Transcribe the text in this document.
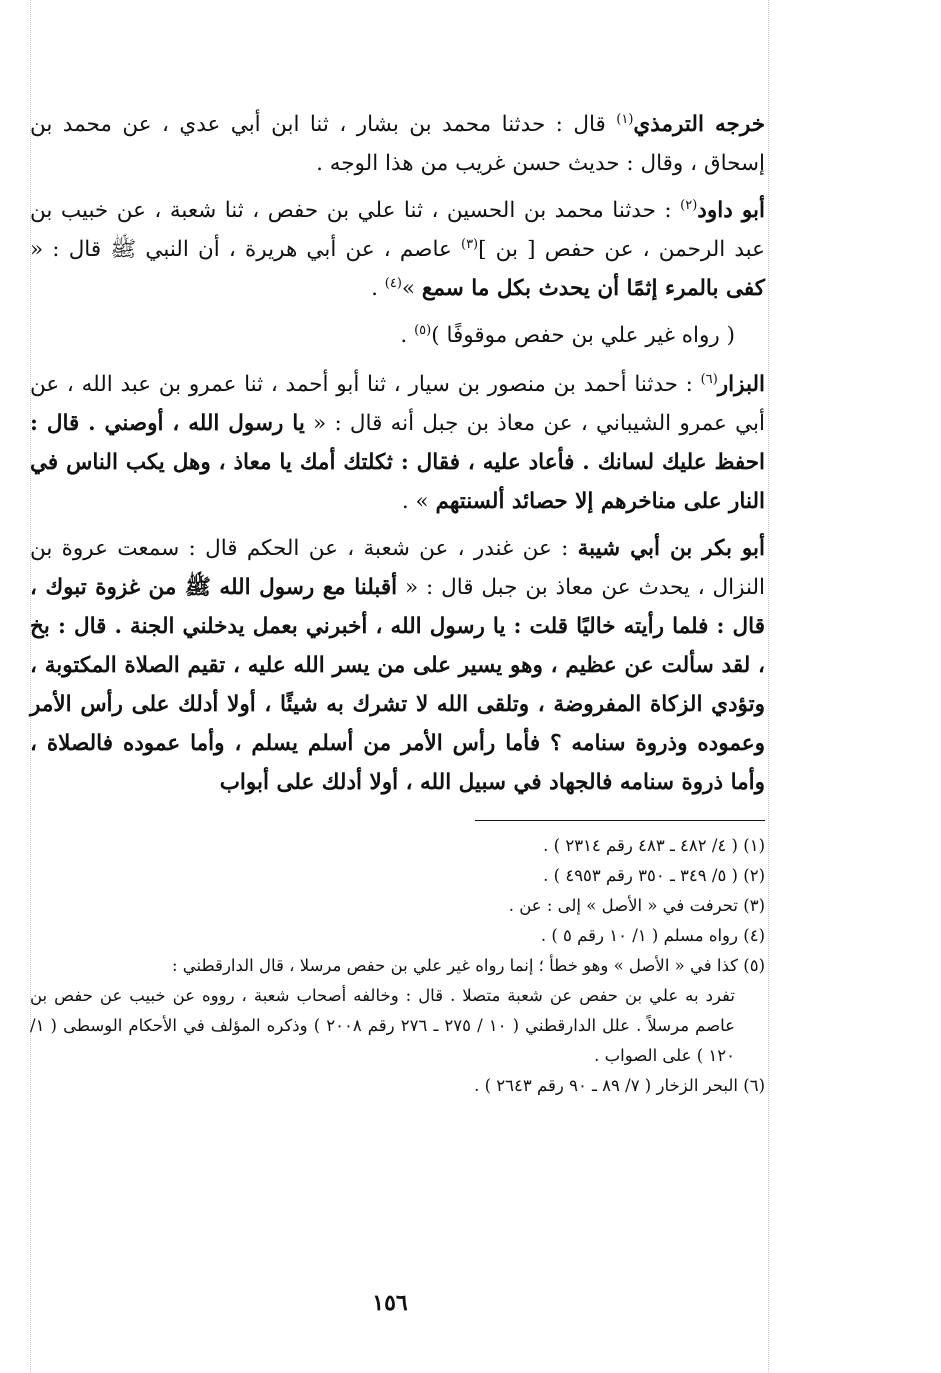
خرجه الترمذي$^{(١)}$ قال : حدثنا محمد بن بشار ، ثنا ابن أبي عدي ، عن محمد بن إسحاق ، وقال : حديث حسن غريب من هذا الوجه .

أبو داود$^{(٢)}$ : حدثنا محمد بن الحسين ، ثنا علي بن حفص ، ثنا شعبة ، عن خبيب بن عبد الرحمن ، عن حفص [ بن ]$^{(٣)}$ عاصم ، عن أبي هريرة ، أن النبي ﷺ قال : « كفى بالمرء إثمًا أن يحدث بكل ما سمع »$^{(٤)}$ .

( رواه غير علي بن حفص موقوفًا )$^{(٥)}$ .

البزار$^{(٦)}$ : حدثنا أحمد بن منصور بن سيار ، ثنا أبو أحمد ، ثنا عمرو بن عبد الله ، عن أبي عمرو الشيباني ، عن معاذ بن جبل أنه قال : « يا رسول الله ، أوصني . قال : احفظ عليك لسانك . فأعاد عليه ، فقال : ثكلتك أمك يا معاذ ، وهل يكب الناس في النار على مناخرهم إلا حصائد ألسنتهم » .

أبو بكر بن أبي شيبة : عن غندر ، عن شعبة ، عن الحكم قال : سمعت عروة بن النزال ، يحدث عن معاذ بن جبل قال : « أقبلنا مع رسول الله ﷺ من غزوة تبوك ، قال : فلما رأيته خاليًا قلت : يا رسول الله ، أخبرني بعمل يدخلني الجنة . قال : بخ ، لقد سألت عن عظيم ، وهو يسير على من يسر الله عليه ، تقيم الصلاة المكتوبة ، وتؤدي الزكاة المفروضة ، وتلقى الله لا تشرك به شيئًا ، أولا أدلك على رأس الأمر وعموده وذروة سنامه ؟ فأما رأس الأمر من أسلم يسلم ، وأما عموده فالصلاة ، وأما ذروة سنامه فالجهاد في سبيل الله ، أولا أدلك على أبواب

(١) ( ٤/ ٤٨٢ ـ ٤٨٣ رقم ٢٣١٤ ) .

(٢) ( ٥/ ٣٤٩ ـ ٣٥٠ رقم ٤٩٥٣ ) .

(٣) تحرفت في « الأصل » إلى : عن .

(٤) رواه مسلم ( ١/ ١٠ رقم ٥ ) .

(٥) كذا في « الأصل » وهو خطأ ؛ إنما رواه غير علي بن حفص مرسلا ، قال الدارقطني :

تفرد به علي بن حفص عن شعبة متصلا . قال : وخالفه أصحاب شعبة ، رووه عن خبيب عن حفص بن عاصم مرسلاً . علل الدارقطني ( ١٠ /‏ ٢٧٥ ـ ٢٧٦ رقم ٢٠٠٨ ) وذكره المؤلف في الأحكام الوسطى ( ١/ ١٢٠ ) على الصواب .

(٦) البحر الزخار ( ٧/ ٨٩ ـ ٩٠ رقم ٢٦٤٣ ) .

١٥٦
